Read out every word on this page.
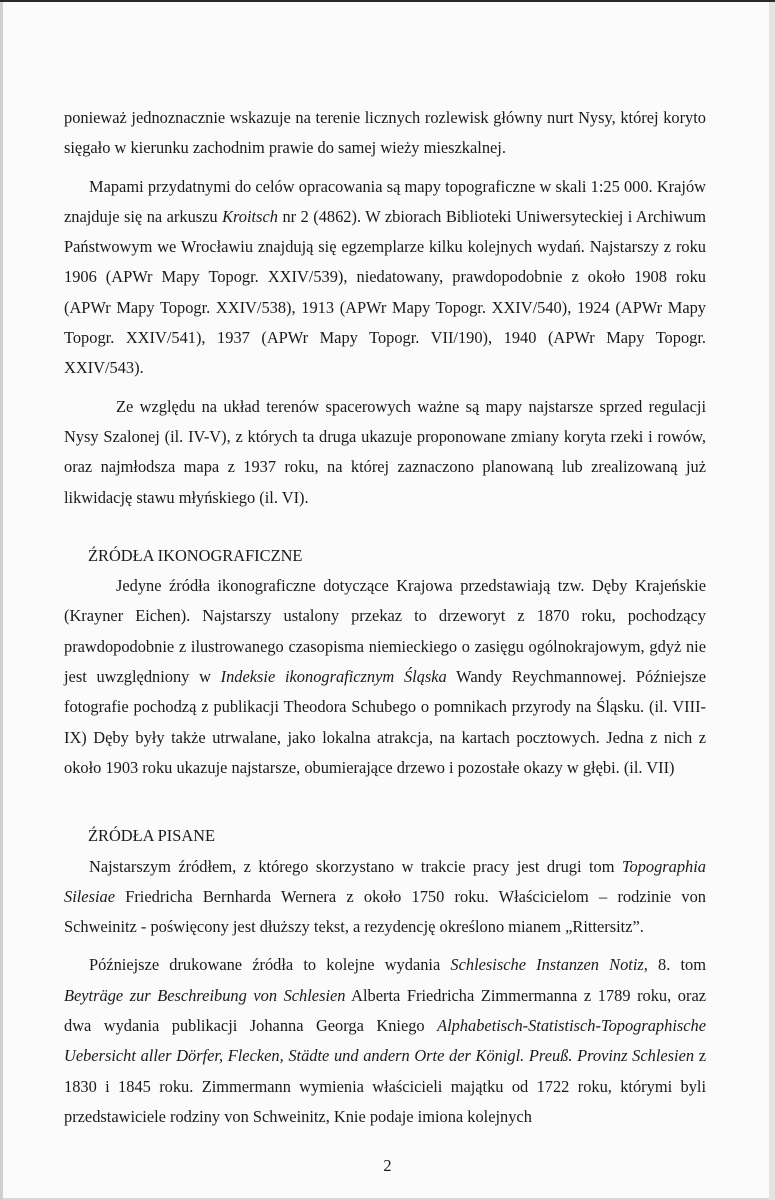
ponieważ jednoznacznie wskazuje na terenie licznych rozlewisk główny nurt Nysy, której koryto sięgało w kierunku zachodnim prawie do samej wieży mieszkalnej.

Mapami przydatnymi do celów opracowania są mapy topograficzne w skali 1:25 000. Krajów znajduje się na arkuszu Kroitsch nr 2 (4862). W zbiorach Biblioteki Uniwersyteckiej i Archiwum Państwowym we Wrocławiu znajdują się egzemplarze kilku kolejnych wydań. Najstarszy z roku 1906 (APWr Mapy Topogr. XXIV/539), niedatowany, prawdopodobnie z około 1908 roku (APWr Mapy Topogr. XXIV/538), 1913 (APWr Mapy Topogr. XXIV/540), 1924 (APWr Mapy Topogr. XXIV/541), 1937 (APWr Mapy Topogr. VII/190), 1940 (APWr Mapy Topogr. XXIV/543).

Ze względu na układ terenów spacerowych ważne są mapy najstarsze sprzed regulacji Nysy Szalonej (il. IV-V), z których ta druga ukazuje proponowane zmiany koryta rzeki i rowów, oraz najmłodsza mapa z 1937 roku, na której zaznaczono planowaną lub zrealizowaną już likwidację stawu młyńskiego (il. VI).

ŹRÓDŁA IKONOGRAFICZNE

Jedyne źródła ikonograficzne dotyczące Krajowa przedstawiają tzw. Dęby Krajeńskie (Krayner Eichen). Najstarszy ustalony przekaz to drzeworyt z 1870 roku, pochodzący prawdopodobnie z ilustrowanego czasopisma niemieckiego o zasięgu ogólnokrajowym, gdyż nie jest uwzględniony w Indeksie ikonograficznym Śląska Wandy Reychmannowej. Późniejsze fotografie pochodzą z publikacji Theodora Schubego o pomnikach przyrody na Śląsku. (il. VIII-IX) Dęby były także utrwalane, jako lokalna atrakcja, na kartach pocztowych. Jedna z nich z około 1903 roku ukazuje najstarsze, obumierające drzewo i pozostałe okazy w głębi. (il. VII)

ŹRÓDŁA PISANE

Najstarszym źródłem, z którego skorzystano w trakcie pracy jest drugi tom Topographia Silesiae Friedricha Bernharda Wernera z około 1750 roku. Właścicielom – rodzinie von Schweinitz - poświęcony jest dłuższy tekst, a rezydencję określono mianem „Rittersitz”.

Późniejsze drukowane źródła to kolejne wydania Schlesische Instanzen Notiz, 8. tom Beyträge zur Beschreibung von Schlesien Alberta Friedricha Zimmermanna z 1789 roku, oraz dwa wydania publikacji Johanna Georga Kniego Alphabetisch-Statistisch-Topographische Uebersicht aller Dörfer, Flecken, Städte und andern Orte der Königl. Preuß. Provinz Schlesien z 1830 i 1845 roku. Zimmermann wymienia właścicieli majątku od 1722 roku, którymi byli przedstawiciele rodziny von Schweinitz, Knie podaje imiona kolejnych

2
